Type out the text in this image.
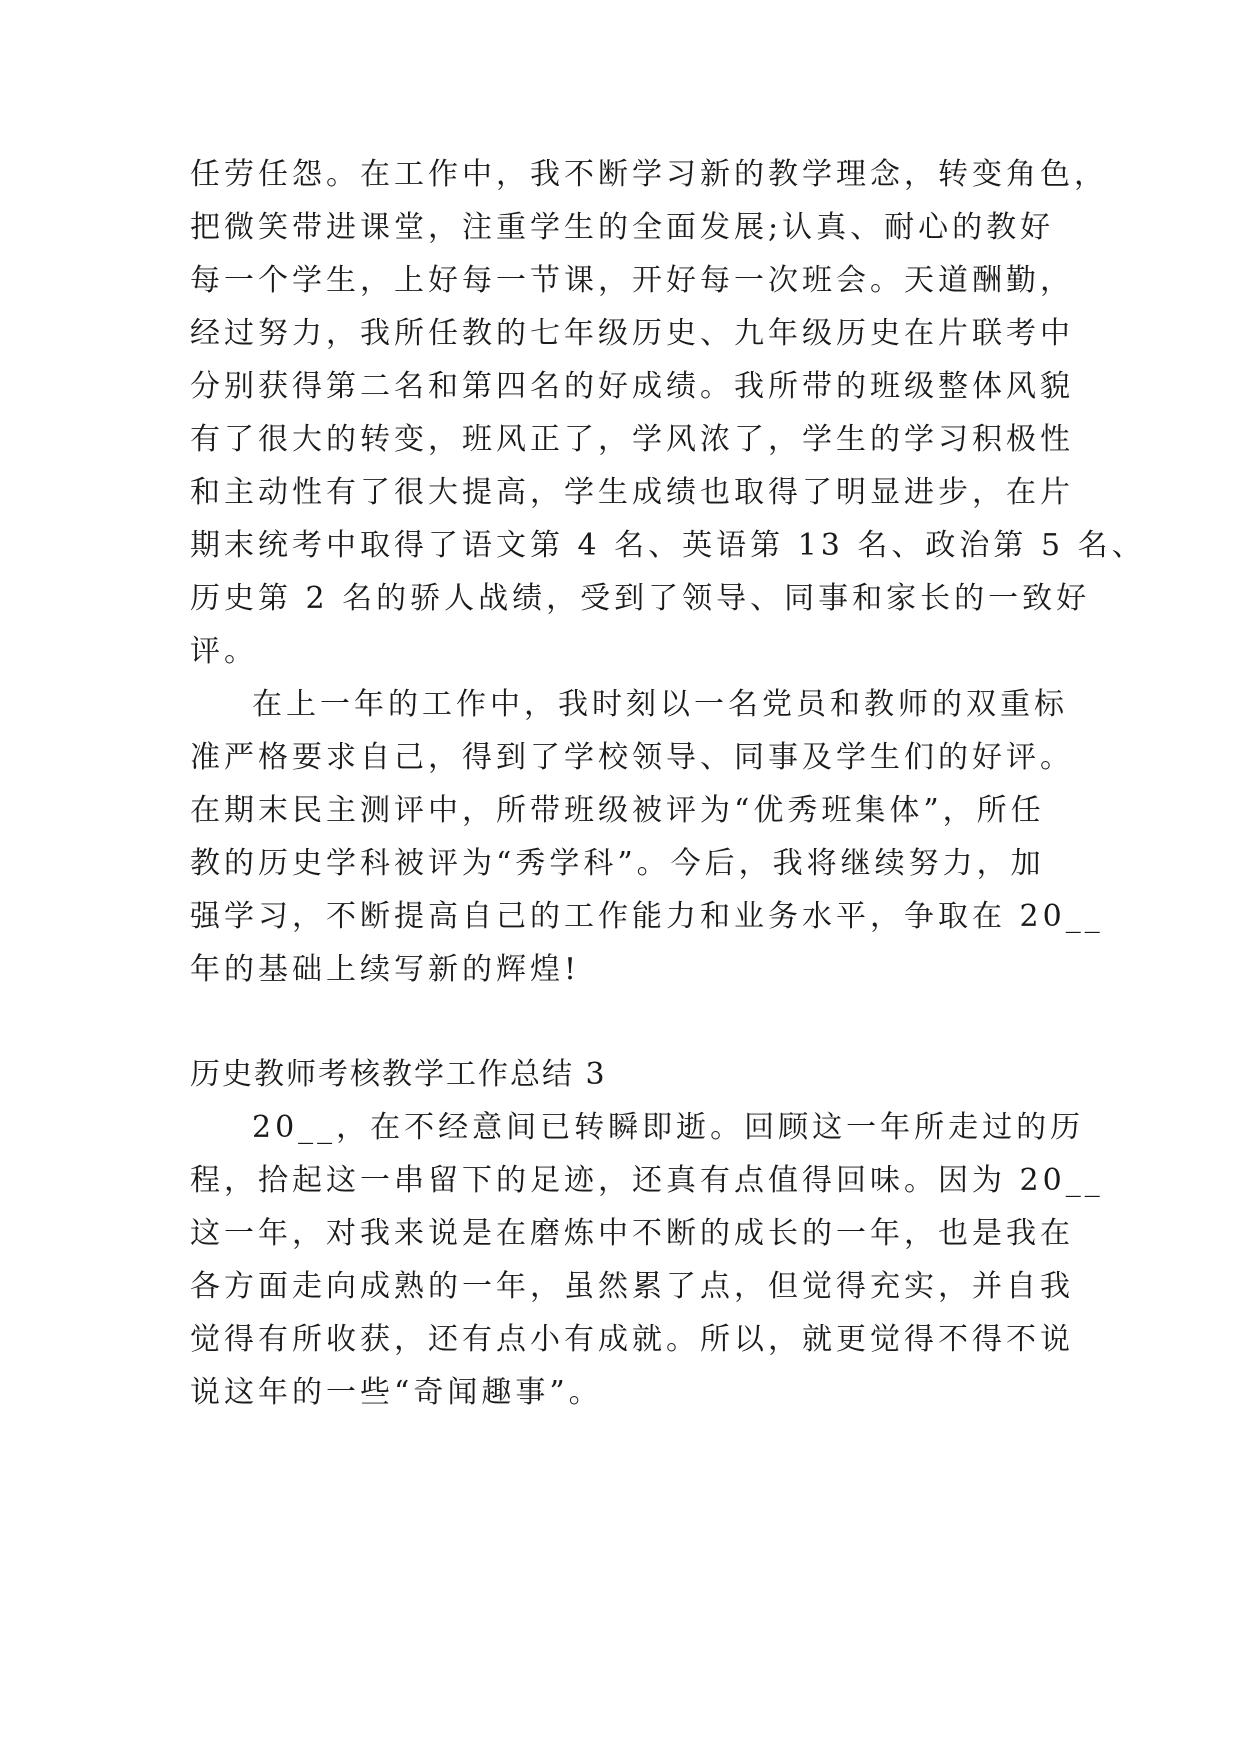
任劳任怨。在工作中，我不断学习新的教学理念，转变角色，
把微笑带进课堂，注重学生的全面发展;认真、耐心的教好
每一个学生，上好每一节课，开好每一次班会。天道酬勤，
经过努力，我所任教的七年级历史、九年级历史在片联考中
分别获得第二名和第四名的好成绩。我所带的班级整体风貌
有了很大的转变，班风正了，学风浓了，学生的学习积极性
和主动性有了很大提高，学生成绩也取得了明显进步，在片
期末统考中取得了语文第 4 名、英语第 13 名、政治第 5 名、
历史第 2 名的骄人战绩，受到了领导、同事和家长的一致好
评。
在上一年的工作中，我时刻以一名党员和教师的双重标
准严格要求自己，得到了学校领导、同事及学生们的好评。
在期末民主测评中，所带班级被评为“优秀班集体”，所任
教的历史学科被评为“秀学科”。今后，我将继续努力，加
强学习，不断提高自己的工作能力和业务水平，争取在 20__
年的基础上续写新的辉煌!
历史教师考核教学工作总结 3
20__，在不经意间已转瞬即逝。回顾这一年所走过的历
程，拾起这一串留下的足迹，还真有点值得回味。因为 20__
这一年，对我来说是在磨炼中不断的成长的一年，也是我在
各方面走向成熟的一年，虽然累了点，但觉得充实，并自我
觉得有所收获，还有点小有成就。所以，就更觉得不得不说
说这年的一些“奇闻趣事”。
